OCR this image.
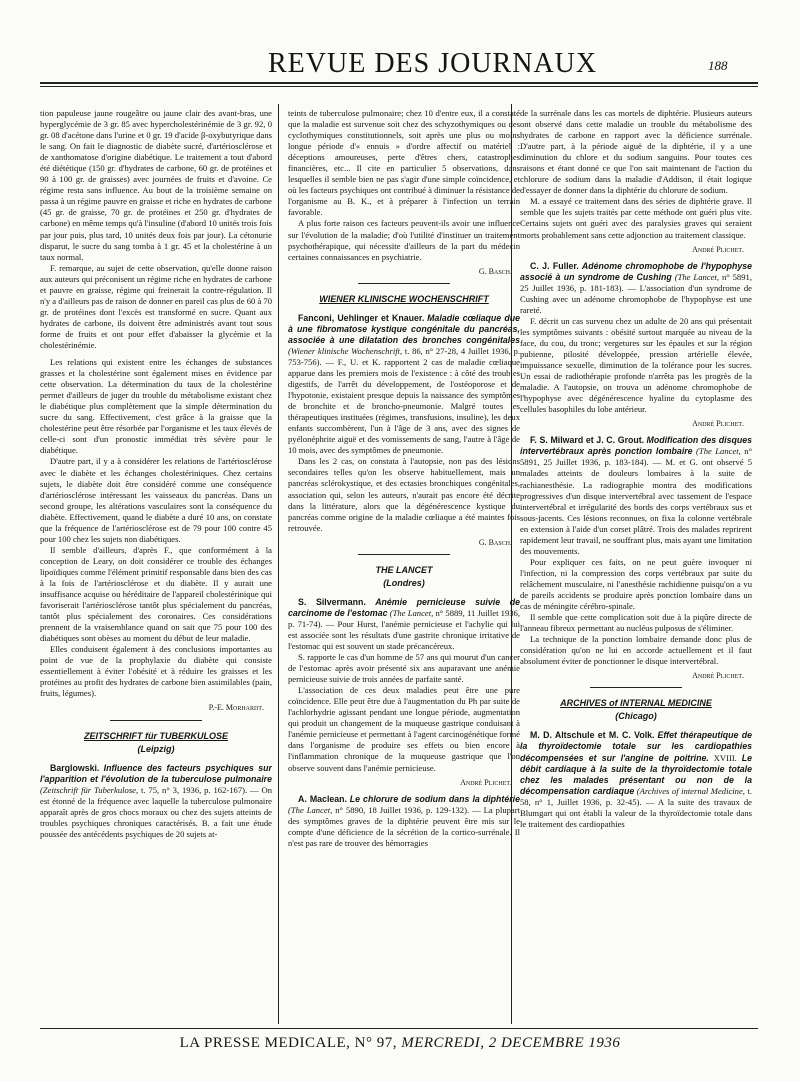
REVUE DES JOURNAUX	188

tion papuleuse jaune rougeâtre ou jaune clair des avant-bras, une hyperglycémie de 3 gr. 85 avec hypercholestérinémie de 3 gr. 92, 0 gr. 08 d'acétone dans l'urine et 0 gr. 19 d'acide β-oxybutyrique dans le sang. On fait le diagnostic de diabète sucré, d'artériosclérose et de xanthomatose d'origine diabétique. Le traitement a tout d'abord été diététique (150 gr. d'hydrates de carbone, 60 gr. de protéines et 90 à 100 gr. de graisses) avec journées de fruits et d'avoine. Ce régime resta sans influence. Au bout de la troisième semaine on passa à un régime pauvre en graisse et riche en hydrates de carbone (45 gr. de graisse, 70 gr. de protéines et 250 gr. d'hydrates de carbone) en même temps qu'à l'insuline (d'abord 10 unités trois fois par jour puis, plus tard, 10 unités deux fois par jour). La cétonurie disparut, le sucre du sang tomba à 1 gr. 45 et la cholestérine à un taux normal.

F. remarque, au sujet de cette observation, qu'elle donne raison aux auteurs qui préconisent un régime riche en hydrates de carbone et pauvre en graisse, régime qui freinerait la contre-régulation. Il n'y a d'ailleurs pas de raison de donner en pareil cas plus de 60 à 70 gr. de protéines dont l'excès est transformé en sucre. Quant aux hydrates de carbone, ils doivent être administrés avant tout sous forme de fruits et ont pour effet d'abaisser la glycémie et la cholestérinémie.

Les relations qui existent entre les échanges de substances grasses et la cholestérine sont également mises en évidence par cette observation. La détermination du taux de la cholestérine permet d'ailleurs de juger du trouble du métabolisme existant chez le diabétique plus complètement que la simple détermination du sucre du sang. Effectivement, c'est grâce à la graisse que la cholestérine peut être résorbée par l'organisme et les taux élevés de celle-ci sont d'un pronostic immédiat très sévère pour le diabétique.

D'autre part, il y a à considérer les relations de l'artériosclérose avec le diabète et les échanges cholestériniques. Chez certains sujets, le diabète doit être considéré comme une conséquence d'artériosclérose intéressant les vaisseaux du pancréas. Dans un second groupe, les altérations vasculaires sont la conséquence du diabète. Effectivement, quand le diabète a duré 10 ans, on constate que la fréquence de l'artériosclérose est de 79 pour 100 contre 45 pour 100 chez les sujets non diabétiques.

Il semble d'ailleurs, d'après F., que conformément à la conception de Leary, on doit considérer ce trouble des échanges lipoïdiques comme l'élément primitif responsable dans bien des cas à la fois de l'artériosclérose et du diabète. Il y aurait une insuffisance acquise ou héréditaire de l'appareil cholestérinique qui favoriserait l'artériosclérose tantôt plus spécialement du pancréas, tantôt plus spécialement des coronaires. Ces considérations prennent de la vraisemblance quand on sait que 75 pour 100 des diabétiques sont obèses au moment du début de leur maladie.

Elles conduisent également à des conclusions importantes au point de vue de la prophylaxie du diabète qui consiste essentiellement à éviter l'obésité et à réduire les graisses et les protéines au profit des hydrates de carbone bien assimilables (pain, fruits, légumes).

P.-E. Morhardt.
ZEITSCHRIFT für TUBERKULOSE
(Leipzig)

Barglowski. Influence des facteurs psychiques sur l'apparition et l'évolution de la tuberculose pulmonaire (Zeitschrift für Tuberkulose, t. 75, n° 3, 1936, p. 162-167). — On est étonné de la fréquence avec laquelle la tuberculose pulmonaire apparaît après de gros chocs moraux ou chez des sujets atteints de troubles psychiques chroniques caractérisés. B. a fait une étude poussée des antécédents psychiques de 20 sujets at-

teints de tuberculose pulmonaire; chez 10 d'entre eux, il a constaté que la maladie est survenue soit chez des schyzothymiques ou des cyclothymiques constitutionnels, soit après une plus ou moins longue période d'« ennuis » d'ordre affectif ou matériel : déceptions amoureuses, perte d'êtres chers, catastrophes financières, etc... Il cite en particulier 5 observations, dans lesquelles il semble bien ne pas s'agir d'une simple coïncidence, et où les facteurs psychiques ont contribué à diminuer la résistance de l'organisme au B. K., et à préparer à l'infection un terrain favorable.

A plus forte raison ces facteurs peuvent-ils avoir une influence sur l'évolution de la maladie; d'où l'utilité d'instituer un traitement psychothérapique, qui nécessite d'ailleurs de la part du médecin certaines connaissances en psychiatrie.

G. Basch.
WIENER KLINISCHE WOCHENSCHRIFT

Fanconi, Uehlinger et Knauer. Maladie cœliaque due à une fibromatose kystique congénitale du pancréas, associée à une dilatation des bronches congénitales (Wiener klinische Wochenschrift, t. 86, n° 27-28, 4 Juillet 1936, p. 753-756). — F., U. et K. rapportent 2 cas de maladie cœliaque apparue dans les premiers mois de l'existence : à côté des troubles digestifs, de l'arrêt du développement, de l'ostéoporose et de l'hypotonie, existaient presque depuis la naissance des symptômes de bronchite et de broncho-pneumonie. Malgré toutes les thérapeutiques instituées (régimes, transfusions, insuline), les deux enfants succombèrent, l'un à l'âge de 3 ans, avec des signes de pyélonéphrite aiguë et des vomissements de sang, l'autre à l'âge de 10 mois, avec des symptômes de pneumonie.

Dans les 2 cas, on constata à l'autopsie, non pas des lésions secondaires telles qu'on les observe habituellement, mais un pancréas sclérokystique, et des ectasies bronchiques congénitales, association qui, selon les auteurs, n'aurait pas encore été décrite dans la littérature, alors que la dégénérescence kystique du pancréas comme origine de la maladie cœliaque a été maintes fois retrouvée.

G. Basch.
THE LANCET
(Londres)

S. Silvermann. Anémie pernicieuse suivie de carcinome de l'estomac (The Lancet, n° 5889, 11 Juillet 1936, p. 71-74). — Pour Hurst, l'anémie pernicieuse et l'achylie qui lui est associée sont les résultats d'une gastrite chronique irritative de l'estomac qui est souvent un stade précancéreux.

S. rapporte le cas d'un homme de 57 ans qui mourut d'un cancer de l'estomac après avoir présenté six ans auparavant une anémie pernicieuse suivie de trois années de parfaite santé.

L'association de ces deux maladies peut être une pure coïncidence. Elle peut être due à l'augmentation du Ph par suite de l'achlorhydrie agissant pendant une longue période, augmentation qui produit un changement de la muqueuse gastrique conduisant à l'anémie pernicieuse et permettant à l'agent carcinogénétique formé dans l'organisme de produire ses effets ou bien encore à l'inflammation chronique de la muqueuse gastrique que l'on observe souvent dans l'anémie pernicieuse.

André Plichet.

A. Maclean. Le chlorure de sodium dans la diphtérie (The Lancet, n° 5890, 18 Juillet 1936, p. 129-132). — La plupart des symptômes graves de la diphtérie peuvent être mis sur le compte d'une déficience de la sécrétion de la cortico-surrénale. Il n'est pas rare de trouver des hémorragies

de la surrénale dans les cas mortels de diphtérie. Plusieurs auteurs ont observé dans cette maladie un trouble du métabolisme des hydrates de carbone en rapport avec la déficience surrénale. D'autre part, à la période aiguë de la diphtérie, il y a une diminution du chlore et du sodium sanguins. Pour toutes ces raisons et étant donné ce que l'on sait maintenant de l'action du chlorure de sodium dans la maladie d'Addison, il était logique d'essayer de donner dans la diphtérie du chlorure de sodium.

M. a essayé ce traitement dans des séries de diphtérie grave. Il semble que les sujets traités par cette méthode ont guéri plus vite. Certains sujets ont guéri avec des paralysies graves qui seraient morts probablement sans cette adjonction au traitement classique.

André Plichet.

C. J. Fuller. Adénome chromophobe de l'hypophyse associé à un syndrome de Cushing (The Lancet, n° 5891, 25 Juillet 1936, p. 181-183). — L'association d'un syndrome de Cushing avec un adénome chromophobe de l'hypophyse est une rareté.

F. décrit un cas survenu chez un adulte de 20 ans qui présentait les symptômes suivants : obésité surtout marquée au niveau de la face, du cou, du tronc; vergetures sur les épaules et sur la région pubienne, pilosité développée, pression artérielle élevée, impuissance sexuelle, diminution de la tolérance pour les sucres. Un essai de radiothérapie profonde n'arrêta pas les progrès de la maladie. A l'autopsie, on trouva un adénome chromophobe de l'hypophyse avec dégénérescence hyaline du cytoplasme des cellules basophiles du lobe antérieur.

André Plichet.

F. S. Milward et J. C. Grout. Modification des disques intervertébraux après ponction lombaire (The Lancet, n° 5891, 25 Juillet 1936, p. 183-184). — M. et G. ont observé 5 malades atteints de douleurs lombaires à la suite de rachianesthésie. La radiographie montra des modifications progressives d'un disque intervertébral avec tassement de l'espace intervertébral et irrégularité des bords des corps vertébraux sus et sous-jacents. Ces lésions reconnues, on fixa la colonne vertébrale en extension à l'aide d'un corset plâtré. Trois des malades reprirent rapidement leur travail, ne souffrant plus, mais ayant une limitation des mouvements.

Pour expliquer ces faits, on ne peut guère invoquer ni l'infection, ni la compression des corps vertébraux par suite du relâchement musculaire, ni l'anesthésie rachidienne puisqu'on a vu de pareils accidents se produire après ponction lombaire dans un cas de méningite cérébro-spinale.

Il semble que cette complication soit due à la piqûre directe de l'anneau fibreux permettant au nucléus pulposus de s'éliminer.

La technique de la ponction lombaire demande donc plus de considération qu'on ne lui en accorde actuellement et il faut absolument éviter de ponctionner le disque intervertébral.

André Plichet.
ARCHIVES of INTERNAL MEDICINE
(Chicago)

M. D. Altschule et M. C. Volk. Effet thérapeutique de la thyroïdectomie totale sur les cardiopathies décompensées et sur l'angine de poitrine. XVIII. Le débit cardiaque à la suite de la thyroïdectomie totale chez les malades présentant ou non de la décompensation cardiaque (Archives of internal Medicine, t. 58, n° 1, Juillet 1936, p. 32-45). — A la suite des travaux de Blumgart qui ont établi la valeur de la thyroïdectomie totale dans le traitement des cardiopathies

LA PRESSE MEDICALE, N° 97, MERCREDI, 2 DECEMBRE 1936
